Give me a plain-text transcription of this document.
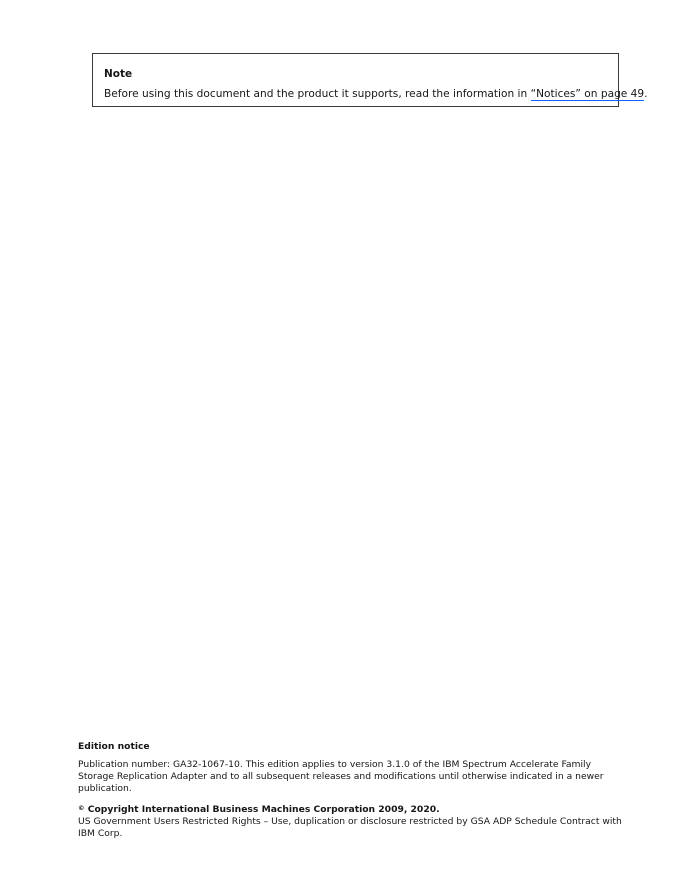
Note
Before using this document and the product it supports, read the information in “Notices” on page 49.
Edition notice
Publication number: GA32-1067-10. This edition applies to version 3.1.0 of the IBM Spectrum Accelerate Family Storage Replication Adapter and to all subsequent releases and modifications until otherwise indicated in a newer publication.
© Copyright International Business Machines Corporation 2009, 2020.
US Government Users Restricted Rights – Use, duplication or disclosure restricted by GSA ADP Schedule Contract with IBM Corp.
